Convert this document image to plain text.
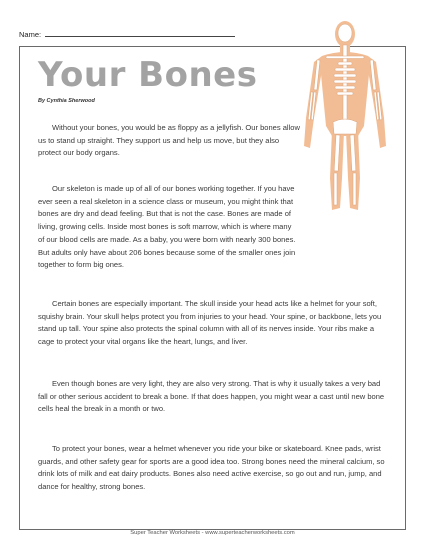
Name:
Your Bones
By Cynthia Sherwood

Without your bones, you would be as floppy as a jellyfish. Our bones allow us to stand up straight. They support us and help us move, but they also protect our body organs.

Our skeleton is made up of all of our bones working together. If you have ever seen a real skeleton in a science class or museum, you might think that bones are dry and dead feeling. But that is not the case. Bones are made of living, growing cells. Inside most bones is soft marrow, which is where many of our blood cells are made. As a baby, you were born with nearly 300 bones. But adults only have about 206 bones because some of the smaller ones join together to form big ones.

Certain bones are especially important. The skull inside your head acts like a helmet for your soft, squishy brain. Your skull helps protect you from injuries to your head. Your spine, or backbone, lets you stand up tall. Your spine also protects the spinal column with all of its nerves inside. Your ribs make a cage to protect your vital organs like the heart, lungs, and liver.

Even though bones are very light, they are also very strong. That is why it usually takes a very bad fall or other serious accident to break a bone. If that does happen, you might wear a cast until new bone cells heal the break in a month or two.

To protect your bones, wear a helmet whenever you ride your bike or skateboard. Knee pads, wrist guards, and other safety gear for sports are a good idea too. Strong bones need the mineral calcium, so drink lots of milk and eat dairy products. Bones also need active exercise, so go out and run, jump, and dance for healthy, strong bones.

Super Teacher Worksheets - www.superteacherworksheets.com
